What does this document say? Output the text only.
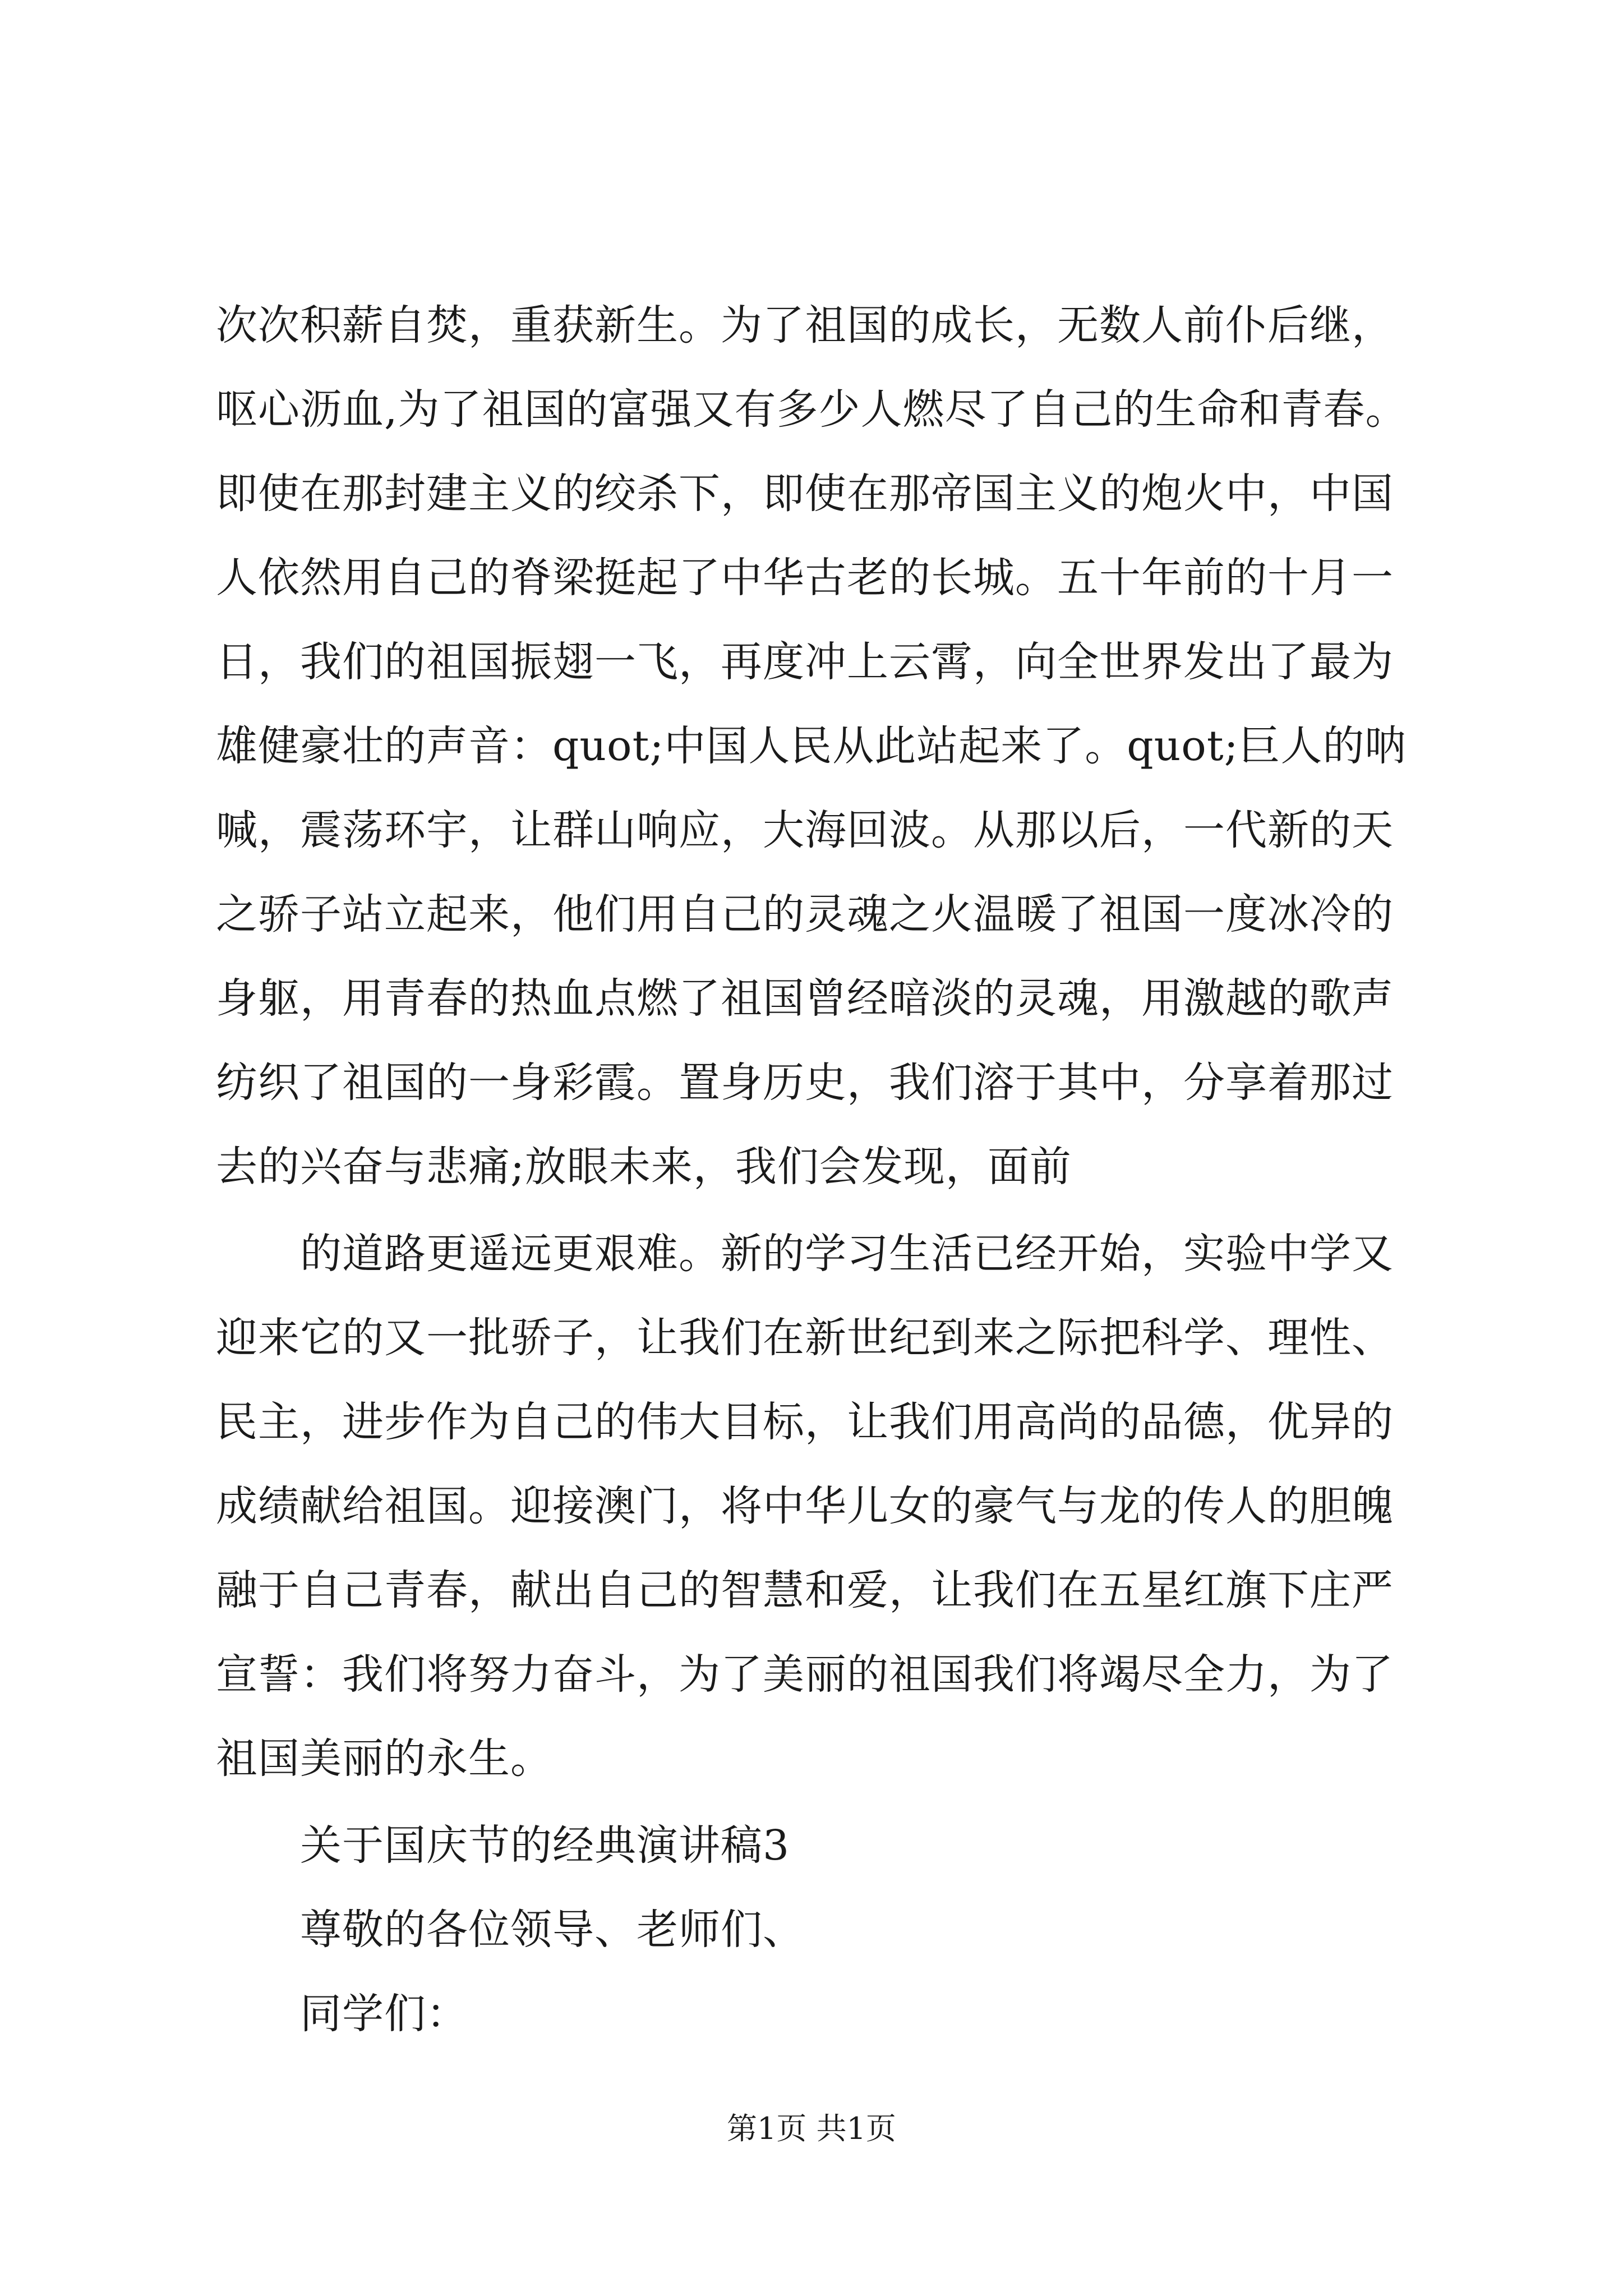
次次积薪自焚，重获新生。为了祖国的成长，无数人前仆后继，
呕心沥血,为了祖国的富强又有多少人燃尽了自己的生命和青春。
即使在那封建主义的绞杀下，即使在那帝国主义的炮火中，中国
人依然用自己的脊梁挺起了中华古老的长城。五十年前的十月一
日，我们的祖国振翅一飞，再度冲上云霄，向全世界发出了最为
雄健豪壮的声音：quot;中国人民从此站起来了。quot;巨人的呐
喊，震荡环宇，让群山响应，大海回波。从那以后，一代新的天
之骄子站立起来，他们用自己的灵魂之火温暖了祖国一度冰冷的
身躯，用青春的热血点燃了祖国曾经暗淡的灵魂，用激越的歌声
纺织了祖国的一身彩霞。置身历史，我们溶于其中，分享着那过
去的兴奋与悲痛;放眼未来，我们会发现，面前
的道路更遥远更艰难。新的学习生活已经开始，实验中学又
迎来它的又一批骄子，让我们在新世纪到来之际把科学、理性、
民主，进步作为自己的伟大目标，让我们用高尚的品德，优异的
成绩献给祖国。迎接澳门，将中华儿女的豪气与龙的传人的胆魄
融于自己青春，献出自己的智慧和爱，让我们在五星红旗下庄严
宣誓：我们将努力奋斗，为了美丽的祖国我们将竭尽全力，为了
祖国美丽的永生。
关于国庆节的经典演讲稿3
尊敬的各位领导、老师们、
同学们：
第1页 共1页
